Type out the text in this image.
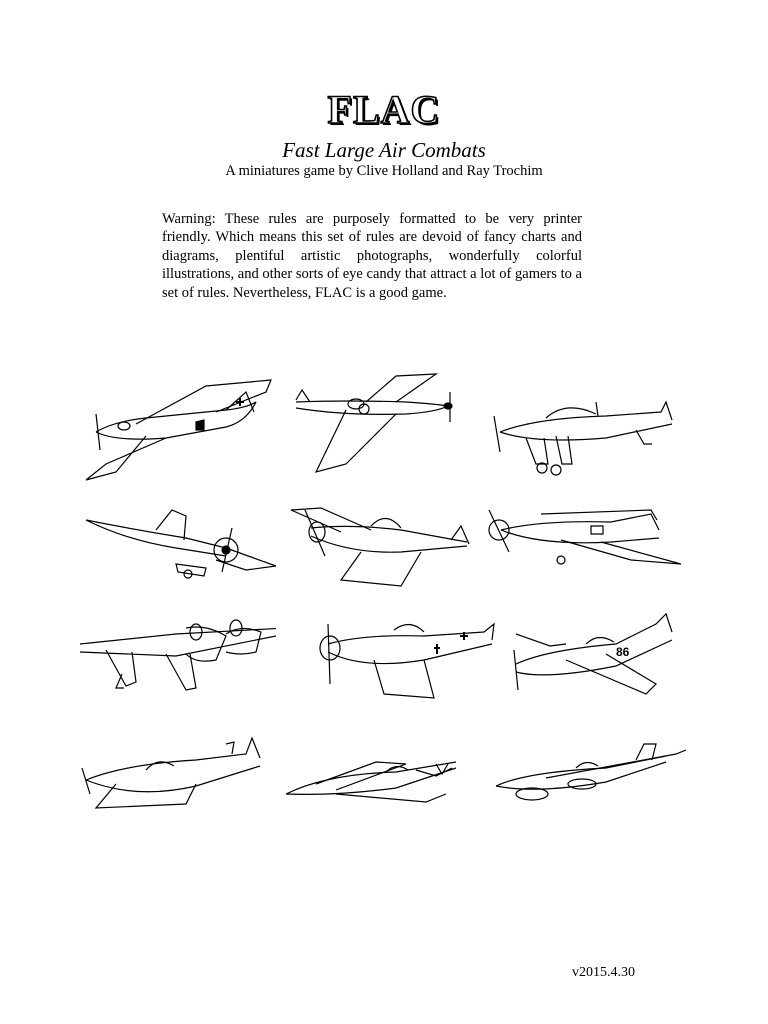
FLAC
Fast Large Air Combats
A miniatures game by Clive Holland and Ray Trochim
Warning: These rules are purposely formatted to be very printer friendly. Which means this set of rules are devoid of fancy charts and diagrams, plentiful artistic photographs, wonderfully colorful illustrations, and other sorts of eye candy that attract a lot of gamers to a set of rules. Nevertheless, FLAC is a good game.
86
v2015.4.30
